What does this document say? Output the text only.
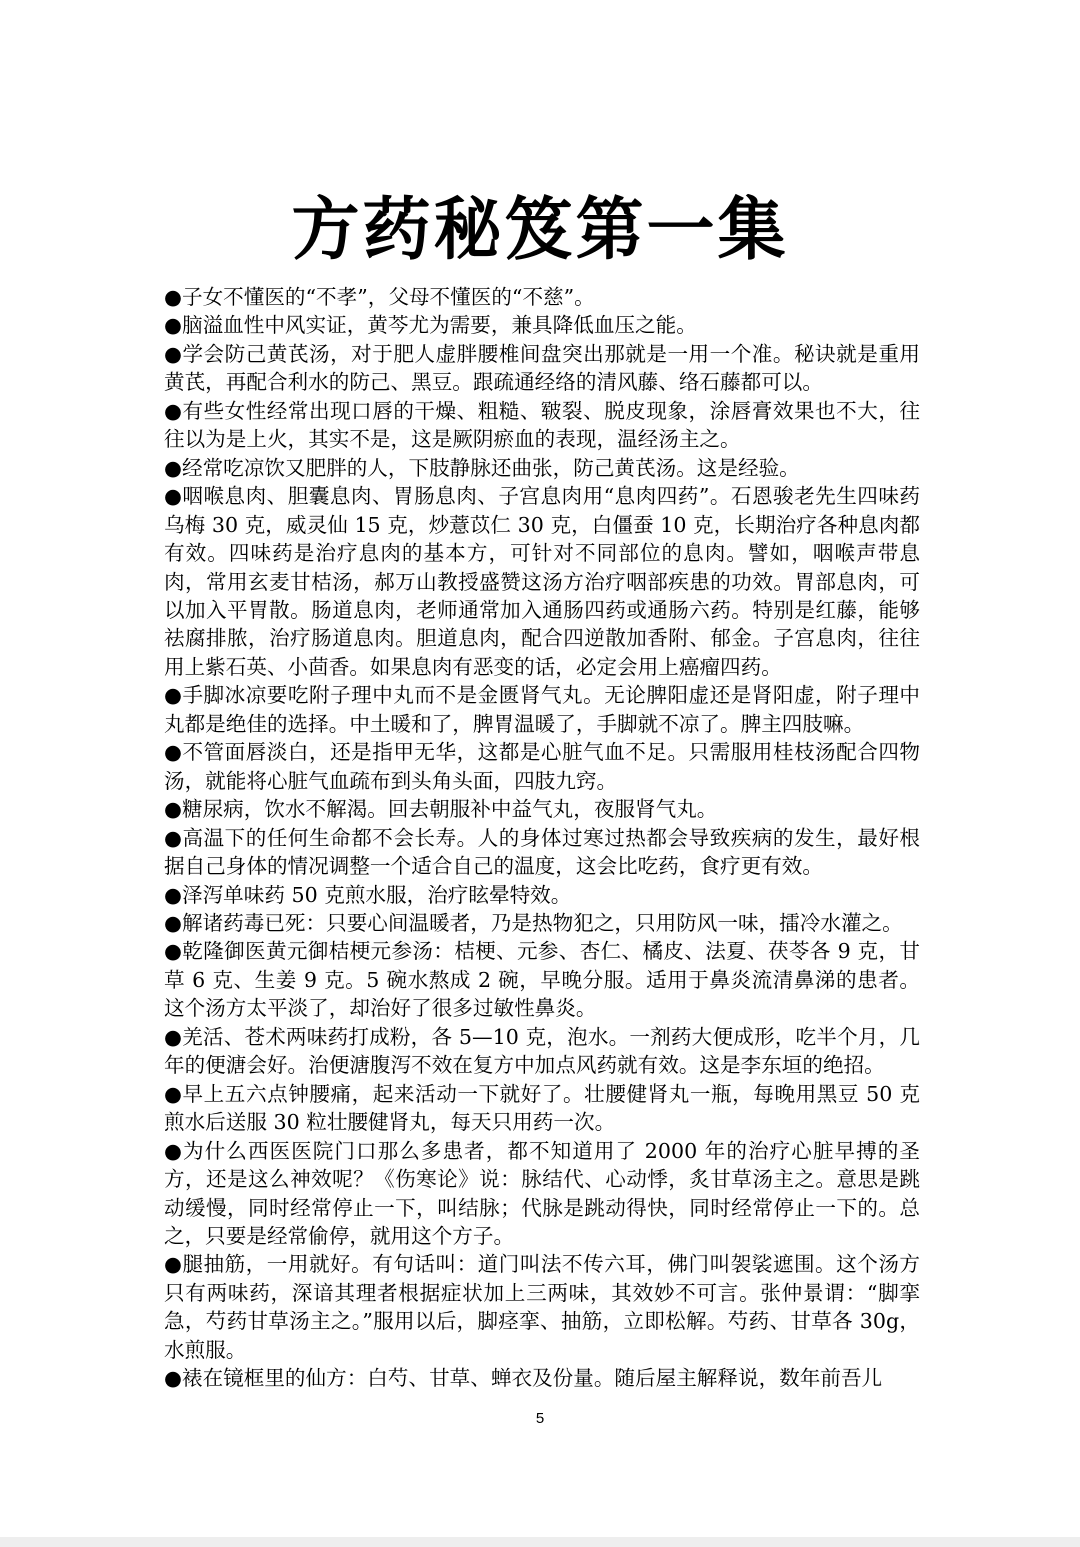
方药秘笈第一集

●子女不懂医的“不孝”，父母不懂医的“不慈”。

●脑溢血性中风实证，黄芩尤为需要，兼具降低血压之能。

●学会防己黄芪汤，对于肥人虚胖腰椎间盘突出那就是一用一个准。秘诀就是重用黄芪，再配合利水的防己、黑豆。跟疏通经络的清风藤、络石藤都可以。

●有些女性经常出现口唇的干燥、粗糙、皲裂、脱皮现象，涂唇膏效果也不大，往往以为是上火，其实不是，这是厥阴瘀血的表现，温经汤主之。

●经常吃凉饮又肥胖的人，下肢静脉还曲张，防己黄芪汤。这是经验。

●咽喉息肉、胆囊息肉、胃肠息肉、子宫息肉用“息肉四药”。石恩骏老先生四味药乌梅 30 克，威灵仙 15 克，炒薏苡仁 30 克，白僵蚕 10 克，长期治疗各种息肉都有效。四味药是治疗息肉的基本方，可针对不同部位的息肉。譬如，咽喉声带息肉，常用玄麦甘桔汤，郝万山教授盛赞这汤方治疗咽部疾患的功效。胃部息肉，可以加入平胃散。肠道息肉，老师通常加入通肠四药或通肠六药。特别是红藤，能够祛腐排脓，治疗肠道息肉。胆道息肉，配合四逆散加香附、郁金。子宫息肉，往往用上紫石英、小茴香。如果息肉有恶变的话，必定会用上癌瘤四药。

●手脚冰凉要吃附子理中丸而不是金匮肾气丸。无论脾阳虚还是肾阳虚，附子理中丸都是绝佳的选择。中土暖和了，脾胃温暖了，手脚就不凉了。脾主四肢嘛。

●不管面唇淡白，还是指甲无华，这都是心脏气血不足。只需服用桂枝汤配合四物汤，就能将心脏气血疏布到头角头面，四肢九窍。

●糖尿病，饮水不解渴。回去朝服补中益气丸，夜服肾气丸。

●高温下的任何生命都不会长寿。人的身体过寒过热都会导致疾病的发生，最好根据自己身体的情况调整一个适合自己的温度，这会比吃药，食疗更有效。

●泽泻单味药 50 克煎水服，治疗眩晕特效。

●解诸药毒已死：只要心间温暖者，乃是热物犯之，只用防风一味，擂冷水灌之。

●乾隆御医黄元御桔梗元参汤：桔梗、元参、杏仁、橘皮、法夏、茯苓各 9 克，甘草 6 克、生姜 9 克。5 碗水熬成 2 碗，早晚分服。适用于鼻炎流清鼻涕的患者。这个汤方太平淡了，却治好了很多过敏性鼻炎。

●羌活、苍术两味药打成粉，各 5—10 克，泡水。一剂药大便成形，吃半个月，几年的便溏会好。治便溏腹泻不效在复方中加点风药就有效。这是李东垣的绝招。

●早上五六点钟腰痛，起来活动一下就好了。壮腰健肾丸一瓶，每晚用黑豆 50 克煎水后送服 30 粒壮腰健肾丸，每天只用药一次。

●为什么西医医院门口那么多患者，都不知道用了 2000 年的治疗心脏早搏的圣方，还是这么神效呢？《伤寒论》说：脉结代、心动悸，炙甘草汤主之。意思是跳动缓慢，同时经常停止一下，叫结脉；代脉是跳动得快，同时经常停止一下的。总之，只要是经常偷停，就用这个方子。

●腿抽筋，一用就好。有句话叫：道门叫法不传六耳，佛门叫袈裟遮围。这个汤方只有两味药，深谙其理者根据症状加上三两味，其效妙不可言。张仲景谓：“脚挛急，芍药甘草汤主之。”服用以后，脚痉挛、抽筋，立即松解。芍药、甘草各 30g，水煎服。

●裱在镜框里的仙方：白芍、甘草、蝉衣及份量。随后屋主解释说，数年前吾儿

5
